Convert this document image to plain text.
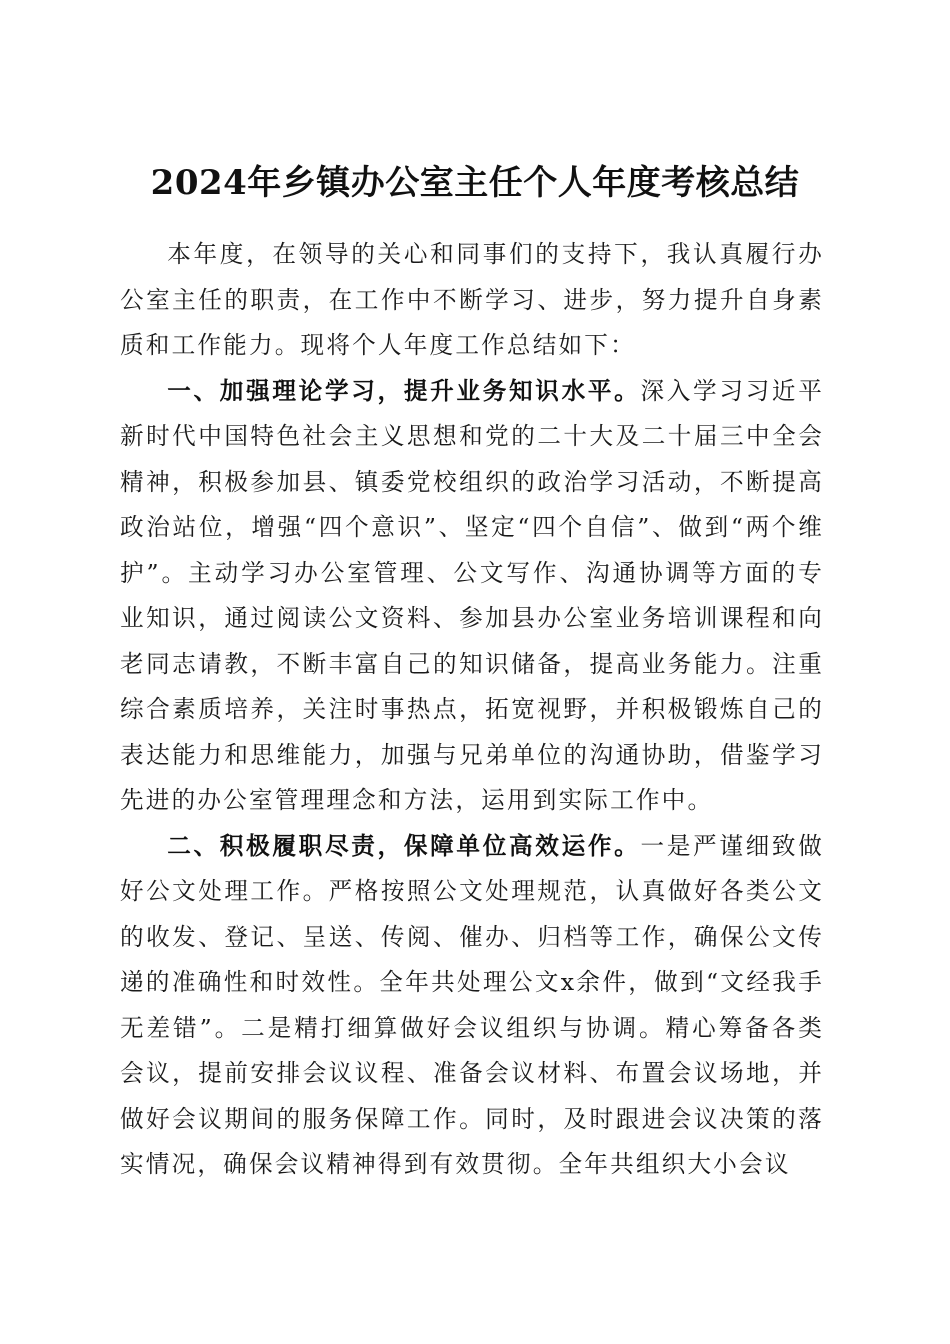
2024年乡镇办公室主任个人年度考核总结

本年度，在领导的关心和同事们的支持下，我认真履行办公室主任的职责，在工作中不断学习、进步，努力提升自身素质和工作能力。现将个人年度工作总结如下：

一、加强理论学习，提升业务知识水平。深入学习习近平新时代中国特色社会主义思想和党的二十大及二十届三中全会精神，积极参加县、镇委党校组织的政治学习活动，不断提高政治站位，增强“四个意识”、坚定“四个自信”、做到“两个维护”。主动学习办公室管理、公文写作、沟通协调等方面的专业知识，通过阅读公文资料、参加县办公室业务培训课程和向老同志请教，不断丰富自己的知识储备，提高业务能力。注重综合素质培养，关注时事热点，拓宽视野，并积极锻炼自己的表达能力和思维能力，加强与兄弟单位的沟通协助，借鉴学习先进的办公室管理理念和方法，运用到实际工作中。

二、积极履职尽责，保障单位高效运作。一是严谨细致做好公文处理工作。严格按照公文处理规范，认真做好各类公文的收发、登记、呈送、传阅、催办、归档等工作，确保公文传递的准确性和时效性。全年共处理公文x余件，做到“文经我手无差错”。二是精打细算做好会议组织与协调。精心筹备各类会议，提前安排会议议程、准备会议材料、布置会议场地，并做好会议期间的服务保障工作。同时，及时跟进会议决策的落实情况，确保会议精神得到有效贯彻。全年共组织大小会议
